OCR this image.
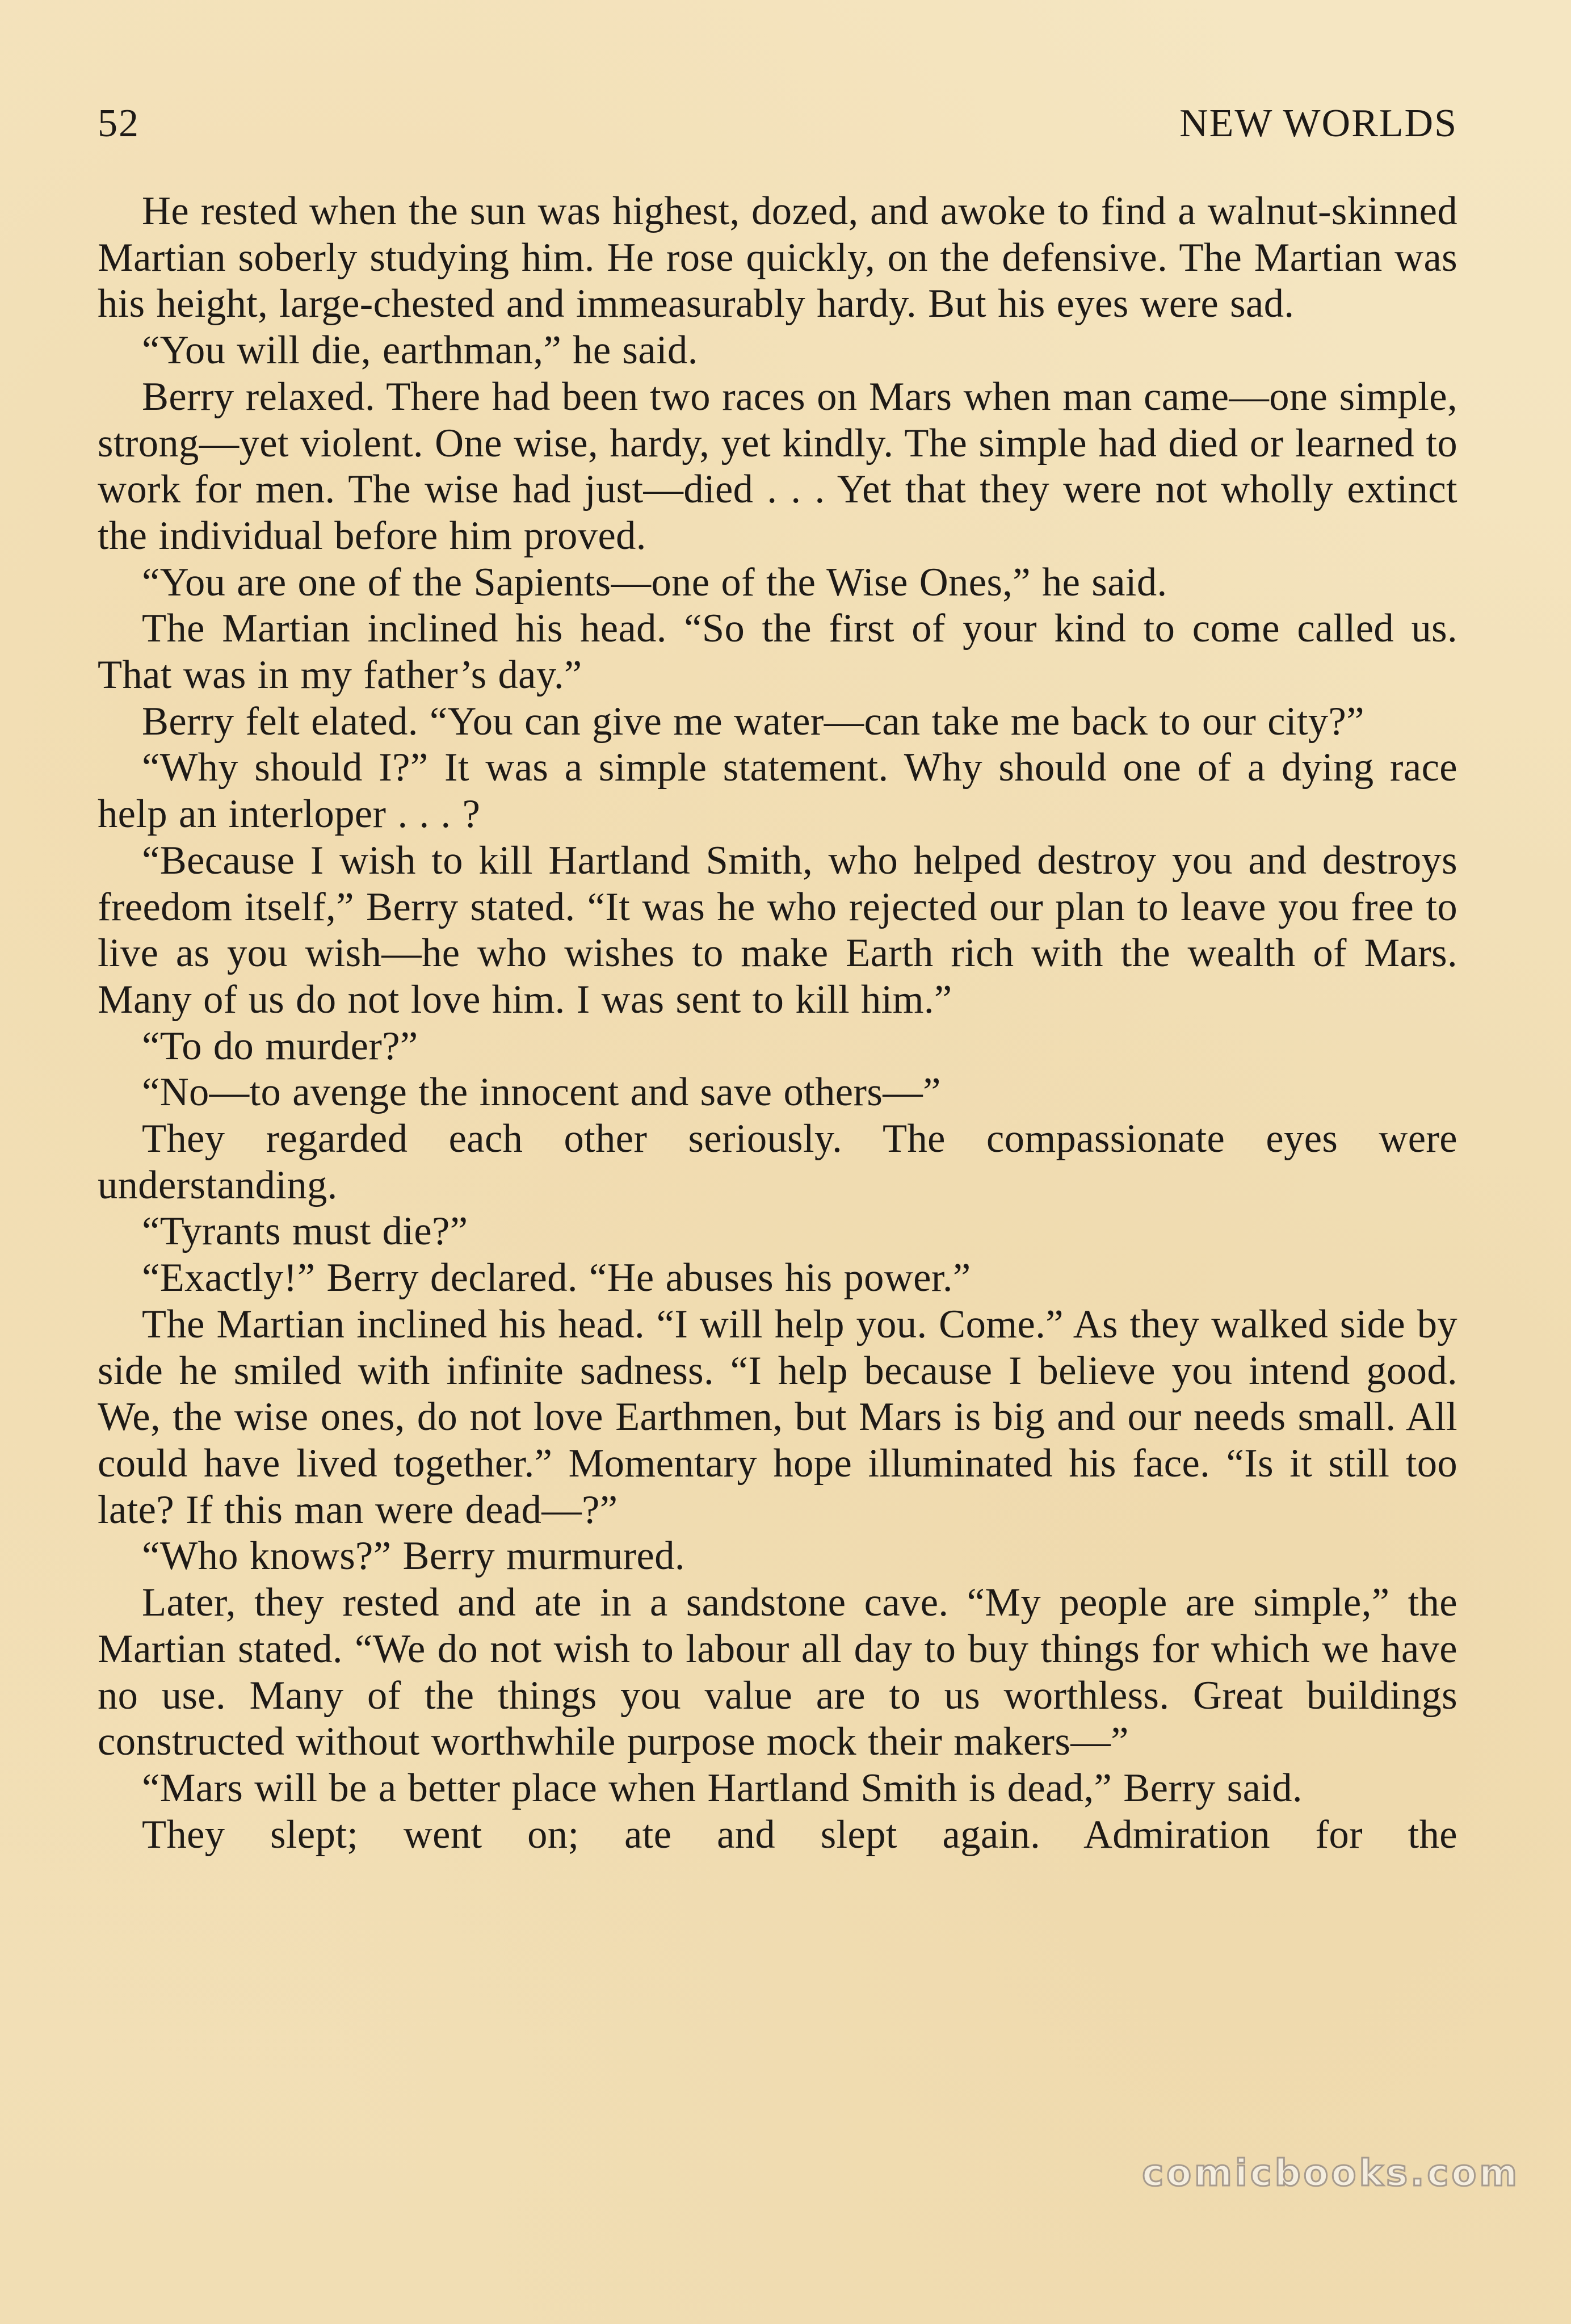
52	NEW WORLDS

He rested when the sun was highest, dozed, and awoke to find a walnut-skinned Martian soberly studying him. He rose quickly, on the defensive. The Martian was his height, large-chested and immeasurably hardy. But his eyes were sad.

“You will die, earthman,” he said.

Berry relaxed. There had been two races on Mars when man came—one simple, strong—yet violent. One wise, hardy, yet kindly. The simple had died or learned to work for men. The wise had just—died . . . Yet that they were not wholly extinct the individual before him proved.

“You are one of the Sapients—one of the Wise Ones,” he said.

The Martian inclined his head. “So the first of your kind to come called us. That was in my father’s day.”

Berry felt elated. “You can give me water—can take me back to our city?”

“Why should I?” It was a simple statement. Why should one of a dying race help an interloper . . . ?

“Because I wish to kill Hartland Smith, who helped destroy you and destroys freedom itself,” Berry stated. “It was he who rejected our plan to leave you free to live as you wish—he who wishes to make Earth rich with the wealth of Mars. Many of us do not love him. I was sent to kill him.”

“To do murder?”

“No—to avenge the innocent and save others—”

They regarded each other seriously. The compassionate eyes were understanding.

“Tyrants must die?”

“Exactly!” Berry declared. “He abuses his power.”

The Martian inclined his head. “I will help you. Come.” As they walked side by side he smiled with infinite sadness. “I help because I believe you intend good. We, the wise ones, do not love Earthmen, but Mars is big and our needs small. All could have lived together.” Momentary hope illuminated his face. “Is it still too late? If this man were dead—?”

“Who knows?” Berry murmured.

Later, they rested and ate in a sandstone cave. “My people are simple,” the Martian stated. “We do not wish to labour all day to buy things for which we have no use. Many of the things you value are to us worthless. Great buildings constructed without worthwhile purpose mock their makers—”

“Mars will be a better place when Hartland Smith is dead,” Berry said.

They slept; went on; ate and slept again. Admiration for the

comicbooks.com
